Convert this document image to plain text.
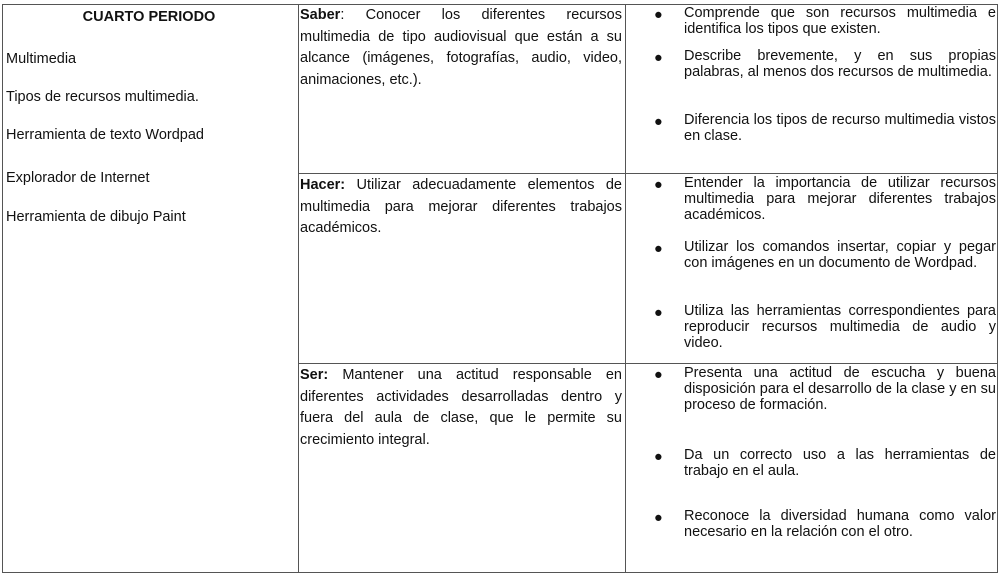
CUARTO PERIODO
Multimedia
Tipos de recursos multimedia.
Herramienta de texto Wordpad
Explorador de Internet
Herramienta de dibujo Paint
Saber: Conocer los diferentes recursos multimedia de tipo audiovisual que están a su alcance (imágenes, fotografías, audio, video, animaciones, etc.).
Hacer: Utilizar adecuadamente elementos de multimedia para mejorar diferentes trabajos académicos.
Ser: Mantener una actitud responsable en diferentes actividades desarrolladas dentro y fuera del aula de clase, que le permite su crecimiento integral.
Comprende que son recursos multimedia e identifica los tipos que existen.
Describe brevemente, y en sus propias palabras, al menos dos recursos de multimedia.
Diferencia los tipos de recurso multimedia vistos en clase.
Entender la importancia de utilizar recursos multimedia para mejorar diferentes trabajos académicos.
Utilizar los comandos insertar, copiar y pegar con imágenes en un documento de Wordpad.
Utiliza las herramientas correspondientes para reproducir recursos multimedia de audio y video.
Presenta una actitud de escucha y buena disposición para el desarrollo de la clase y en su proceso de formación.
Da un correcto uso a las herramientas de trabajo en el aula.
Reconoce la diversidad humana como valor necesario en la relación con el otro.
●
●
●
●
●
●
●
●
●
